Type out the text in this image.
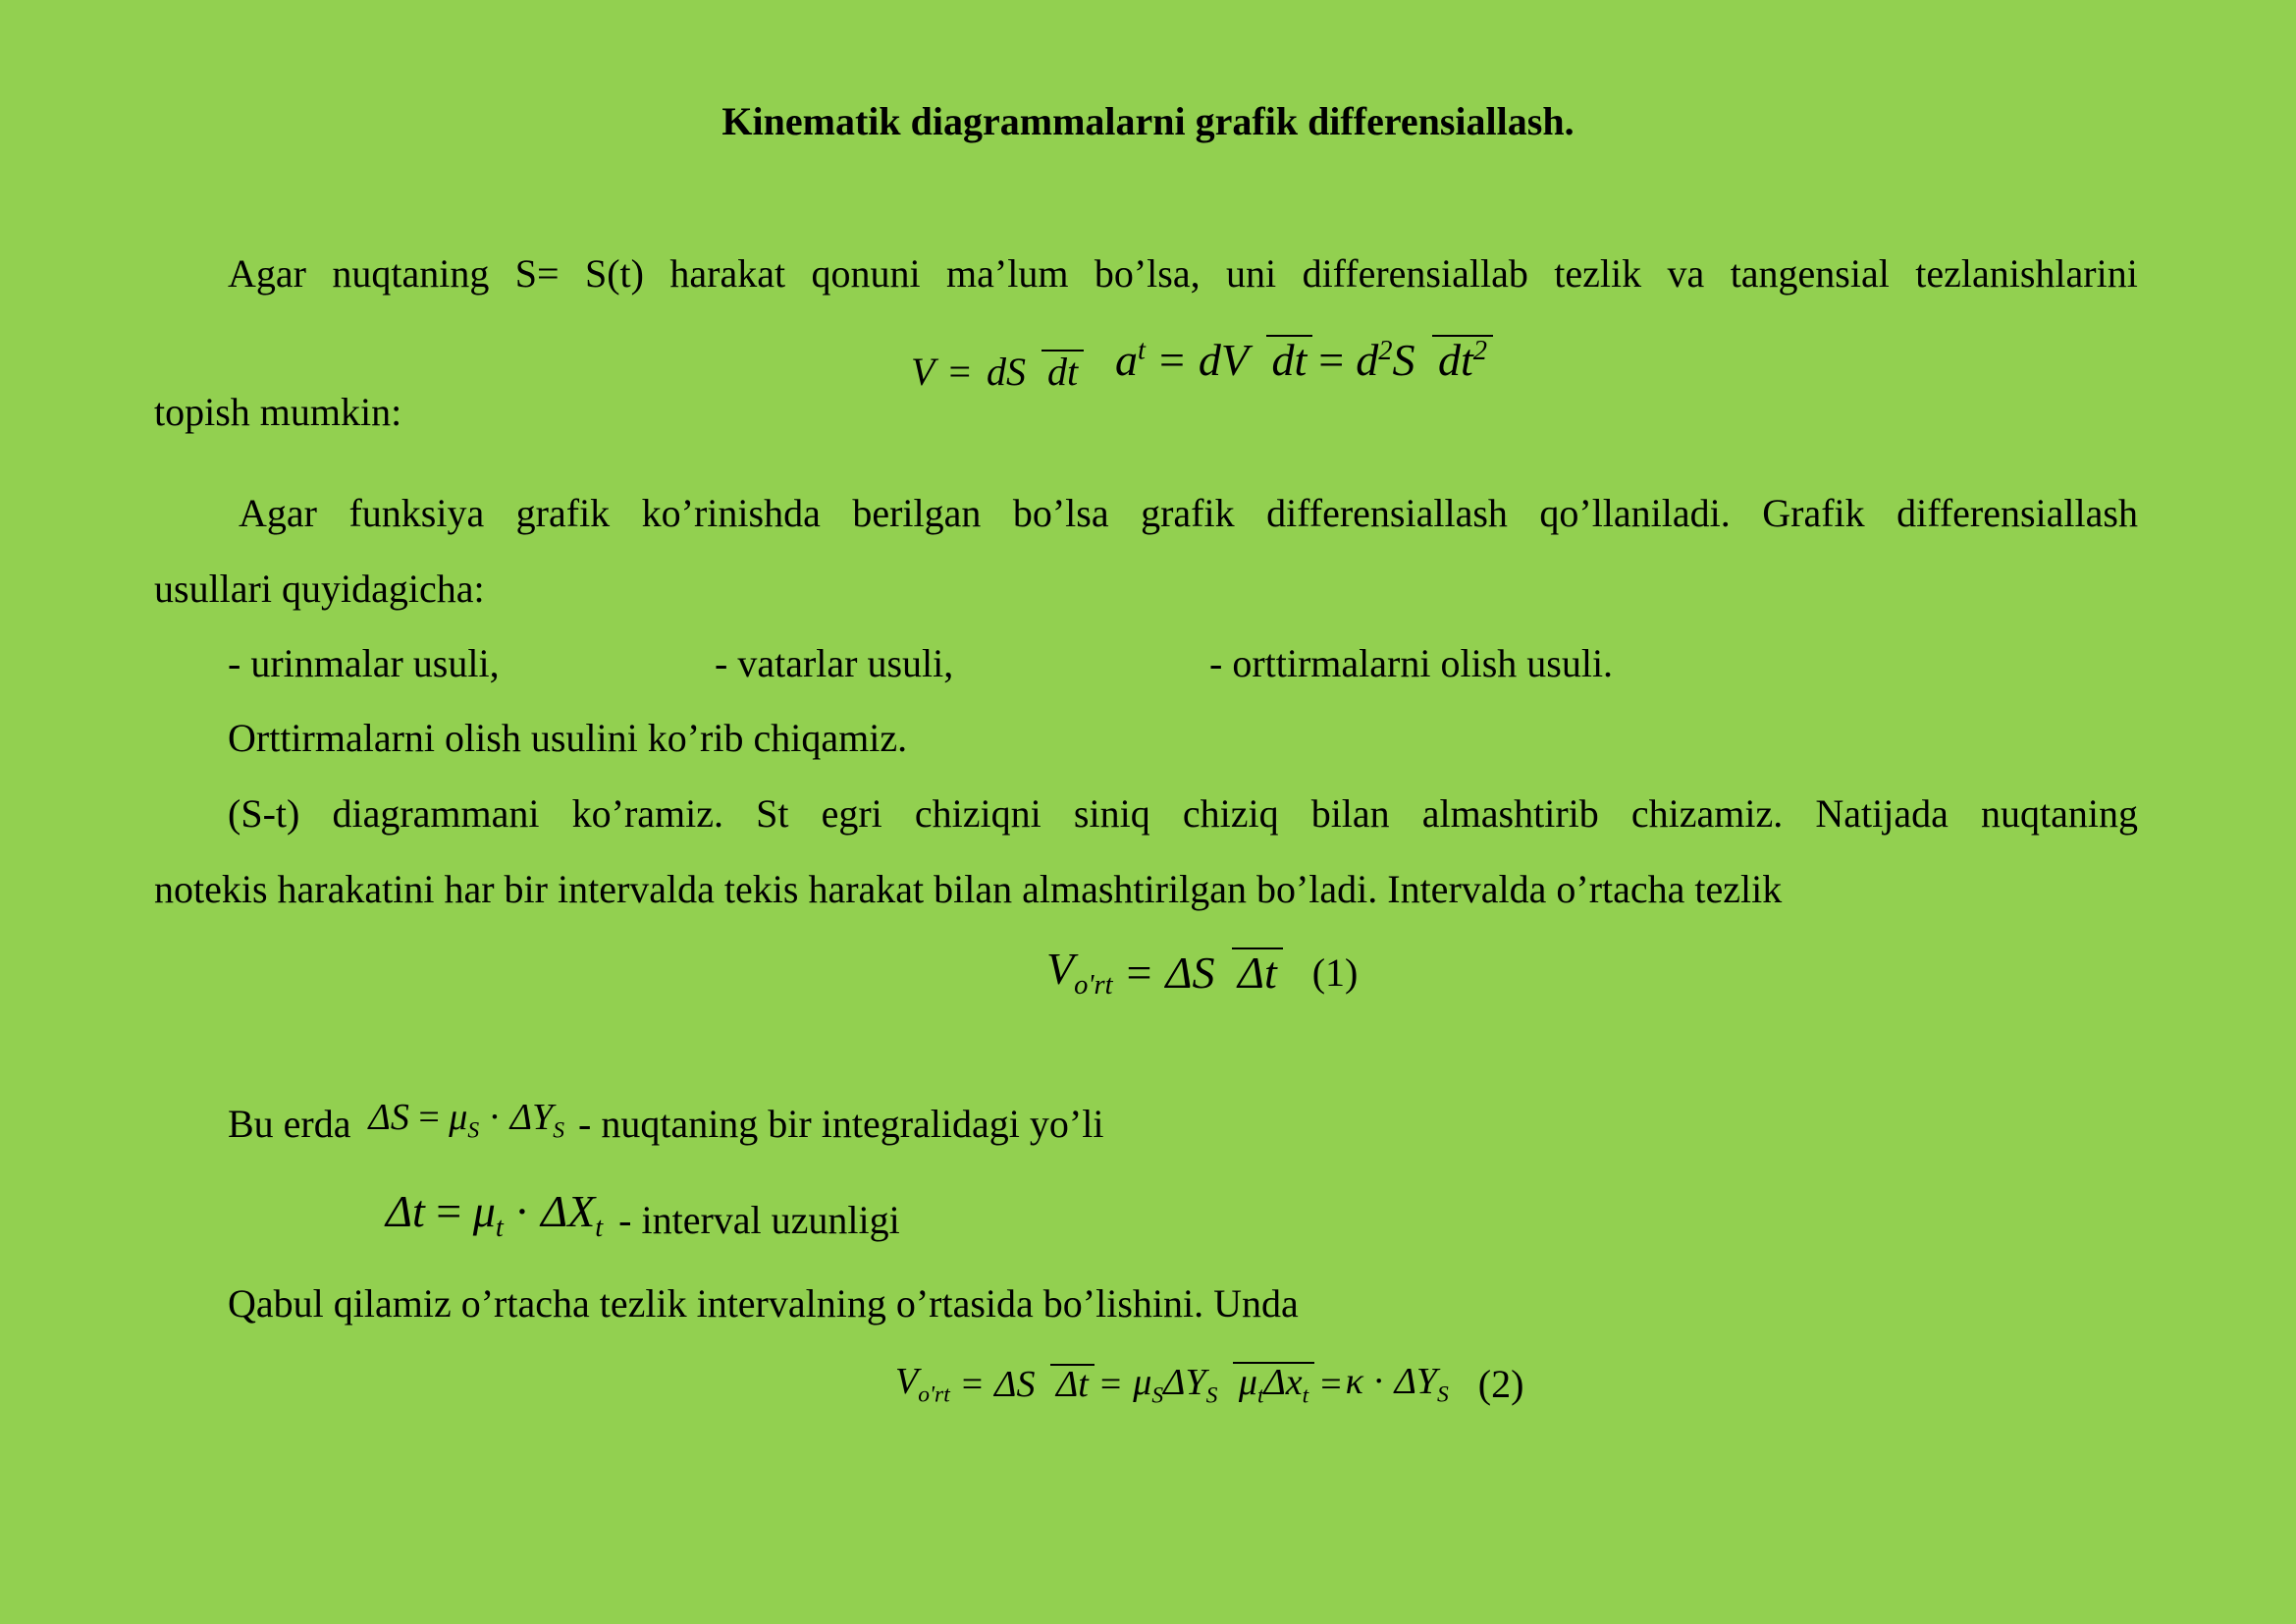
Kinematik diagrammalarni grafik differensiallash.
Agar nuqtaning S= S(t) harakat qonuni ma’lum bo’lsa, uni differensiallab tezlik va tangensial tezlanishlarini
topish mumkin:
V = dS dt $a^t$ = dV dt = $d^2S$ $dt^2$
Agar funksiya grafik ko’rinishda berilgan bo’lsa grafik differensiallash qo’llaniladi. Grafik differensiallash
usullari quyidagicha:
- urinmalar usuli,	- vatarlar usuli,	- orttirmalarni olish usuli.
Orttirmalarni olish usulini ko’rib chiqamiz.
(S-t) diagrammani ko’ramiz. St egri chiziqni siniq chiziq bilan almashtirib chizamiz. Natijada nuqtaning
notekis harakatini har bir intervalda tekis harakat bilan almashtirilgan bo’ladi. Intervalda o’rtacha tezlik
$V_{o'rt} = \Delta S$ Δt (1)
Bu erda $\Delta S = \mu_S \cdot \Delta Y_S$ - nuqtaning bir integralidagi yo’li
$\Delta t = \mu_t \cdot \Delta X_t$ - interval uzunligi
Qabul qilamiz o’rtacha tezlik intervalning o’rtasida bo’lishini. Unda
$V_{o'rt} = \Delta S$ $\Delta t = \mu_S\Delta Y_S$ $\mu_t\Delta x_t = \kappa \cdot \Delta Y_S$ (2)
